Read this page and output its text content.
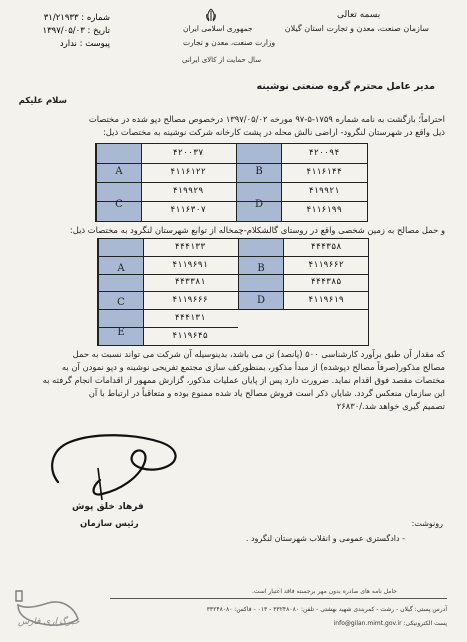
بسمه تعالی
سازمان صنعت، معدن و تجارت استان گیلان
جمهوری اسلامی ایران
وزارت صنعت، معدن و تجارت
سال حمایت از کالای ایرانی
شماره : ۳۱/۲۱۹۳۳
تاریخ : ۱۳۹۷/۰۵/۰۳
پیوست : ندارد
مدیر عامل محترم گروه صنعتی نوشینه
سلام علیکم
احتراماً؛ بازگشت به نامه شماره ۱۷۵۹-۵-۹۷ مورخه ۱۳۹۷/۰۵/۰۲ درخصوص مصالح دپو شده در مختصات
ذیل واقع در شهرستان لنگرود- اراضی نالش محله در پشت کارخانه شرکت نوشینه به مختصات ذیل:
A
C
B
D
۴۲۰۰۳۷
۴۱۱۶۱۲۲
۴۱۹۹۲۹
۴۱۱۶۳۰۷
۴۲۰۰۹۴
۴۱۱۶۱۴۴
۴۱۹۹۲۱
۴۱۱۶۱۹۹
و حمل مصالح به زمین شخصی واقع در روستای گالشکلام-چمخاله از توابع شهرستان لنگرود به مختصات ذیل:
A
C
E
B
D
۴۴۴۱۳۳
۴۱۱۹۶۹۱
۴۴۳۳۸۱
۴۱۱۹۶۶۶
۴۴۴۱۳۱
۴۱۱۹۶۴۵
۴۴۴۳۵۸
۴۱۱۹۶۶۲
۴۴۴۳۸۵
۴۱۱۹۶۱۹
که مقدار آن طبق برآورد کارشناسی ۵۰۰ (پانصد) تن می باشد، بدینوسیله آن شرکت می تواند نسبت به حمل
مصالح مذکور(صرفاً مصالح دپوشده) از مبدأ مذکور، بمنظورکف سازی مجتمع تفریحی نوشینه و دپو نمودن آن به
مختصات مقصد فوق اقدام نماید. ضرورت دارد پس از پایان عملیات مذکور، گزارش ممهور از اقدامات انجام گرفته به
این سازمان منعکس گردد. شایان ذکر است فروش مصالح یاد شده ممنوع بوده و متعاقباً در ارتباط با آن
تصمیم گیری خواهد شد./۲۶۸۳۰
فرهاد خلق پوش
رئیس سازمان	رونوشت:
- دادگستری عمومی و انقلاب شهرستان لنگرود .
حامل نامه های صادره بدون مهر برجسته فاقد اعتبار است.
آدرس پستی: گیلان - رشت - کمربندی شهید بهشتی - تلفن: ۳۳۲۴۸۰۸۰ - ۰۱۳ - فاکس: ۳۳۲۴۸۰۸۰
پست الکترونیکی: info@gilan.mimt.gov.ir
خبرگزاری فارس
